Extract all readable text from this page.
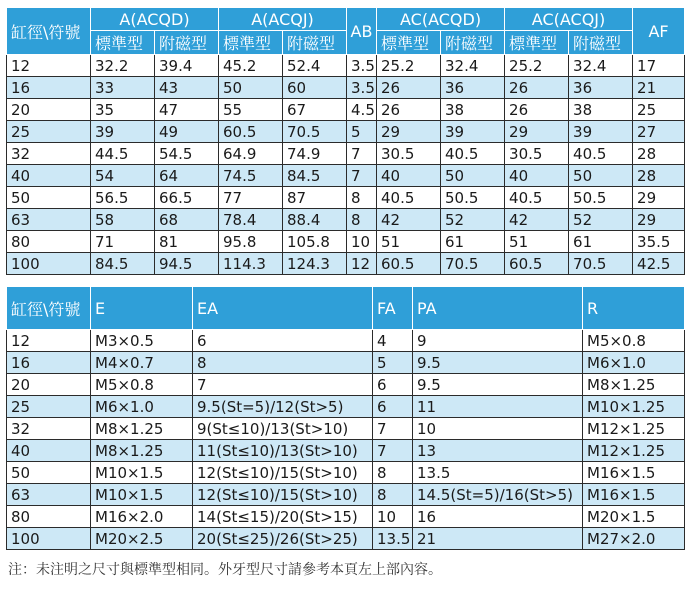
缸徑\符號	A(ACQD)		A(ACQJ)		AB	AC(ACQD)		AC(ACQJ)		AF
	標準型	附磁型	標準型	附磁型		標準型	附磁型	標準型	附磁型	
12	32.2	39.4	45.2	52.4	3.5	25.2	32.4	25.2	32.4	17
16	33	43	50	60	3.5	26	36	26	36	21
20	35	47	55	67	4.5	26	38	26	38	25
25	39	49	60.5	70.5	5	29	39	29	39	27
32	44.5	54.5	64.9	74.9	7	30.5	40.5	30.5	40.5	28
40	54	64	74.5	84.5	7	40	50	40	50	28
50	56.5	66.5	77	87	8	40.5	50.5	40.5	50.5	29
63	58	68	78.4	88.4	8	42	52	42	52	29
80	71	81	95.8	105.8	10	51	61	51	61	35.5
100	84.5	94.5	114.3	124.3	12	60.5	70.5	60.5	70.5	42.5
缸徑\符號	E	EA	FA	PA	R
12	M3×0.5	6	4	9	M5×0.8
16	M4×0.7	8	5	9.5	M6×1.0
20	M5×0.8	7	6	9.5	M8×1.25
25	M6×1.0	9.5(St=5)/12(St>5)	6	11	M10×1.25
32	M8×1.25	9(St≤10)/13(St>10)	7	10	M12×1.25
40	M8×1.25	11(St≤10)/13(St>10)	7	13	M12×1.25
50	M10×1.5	12(St≤10)/15(St>10)	8	13.5	M16×1.5
63	M10×1.5	12(St≤10)/15(St>10)	8	14.5(St=5)/16(St>5)	M16×1.5
80	M16×2.0	14(St≤15)/20(St>15)	10	16	M20×1.5
100	M20×2.5	20(St≤25)/26(St>25)	13.5	21	M27×2.0
注：未注明之尺寸與標準型相同。外牙型尺寸請參考本頁左上部內容。
